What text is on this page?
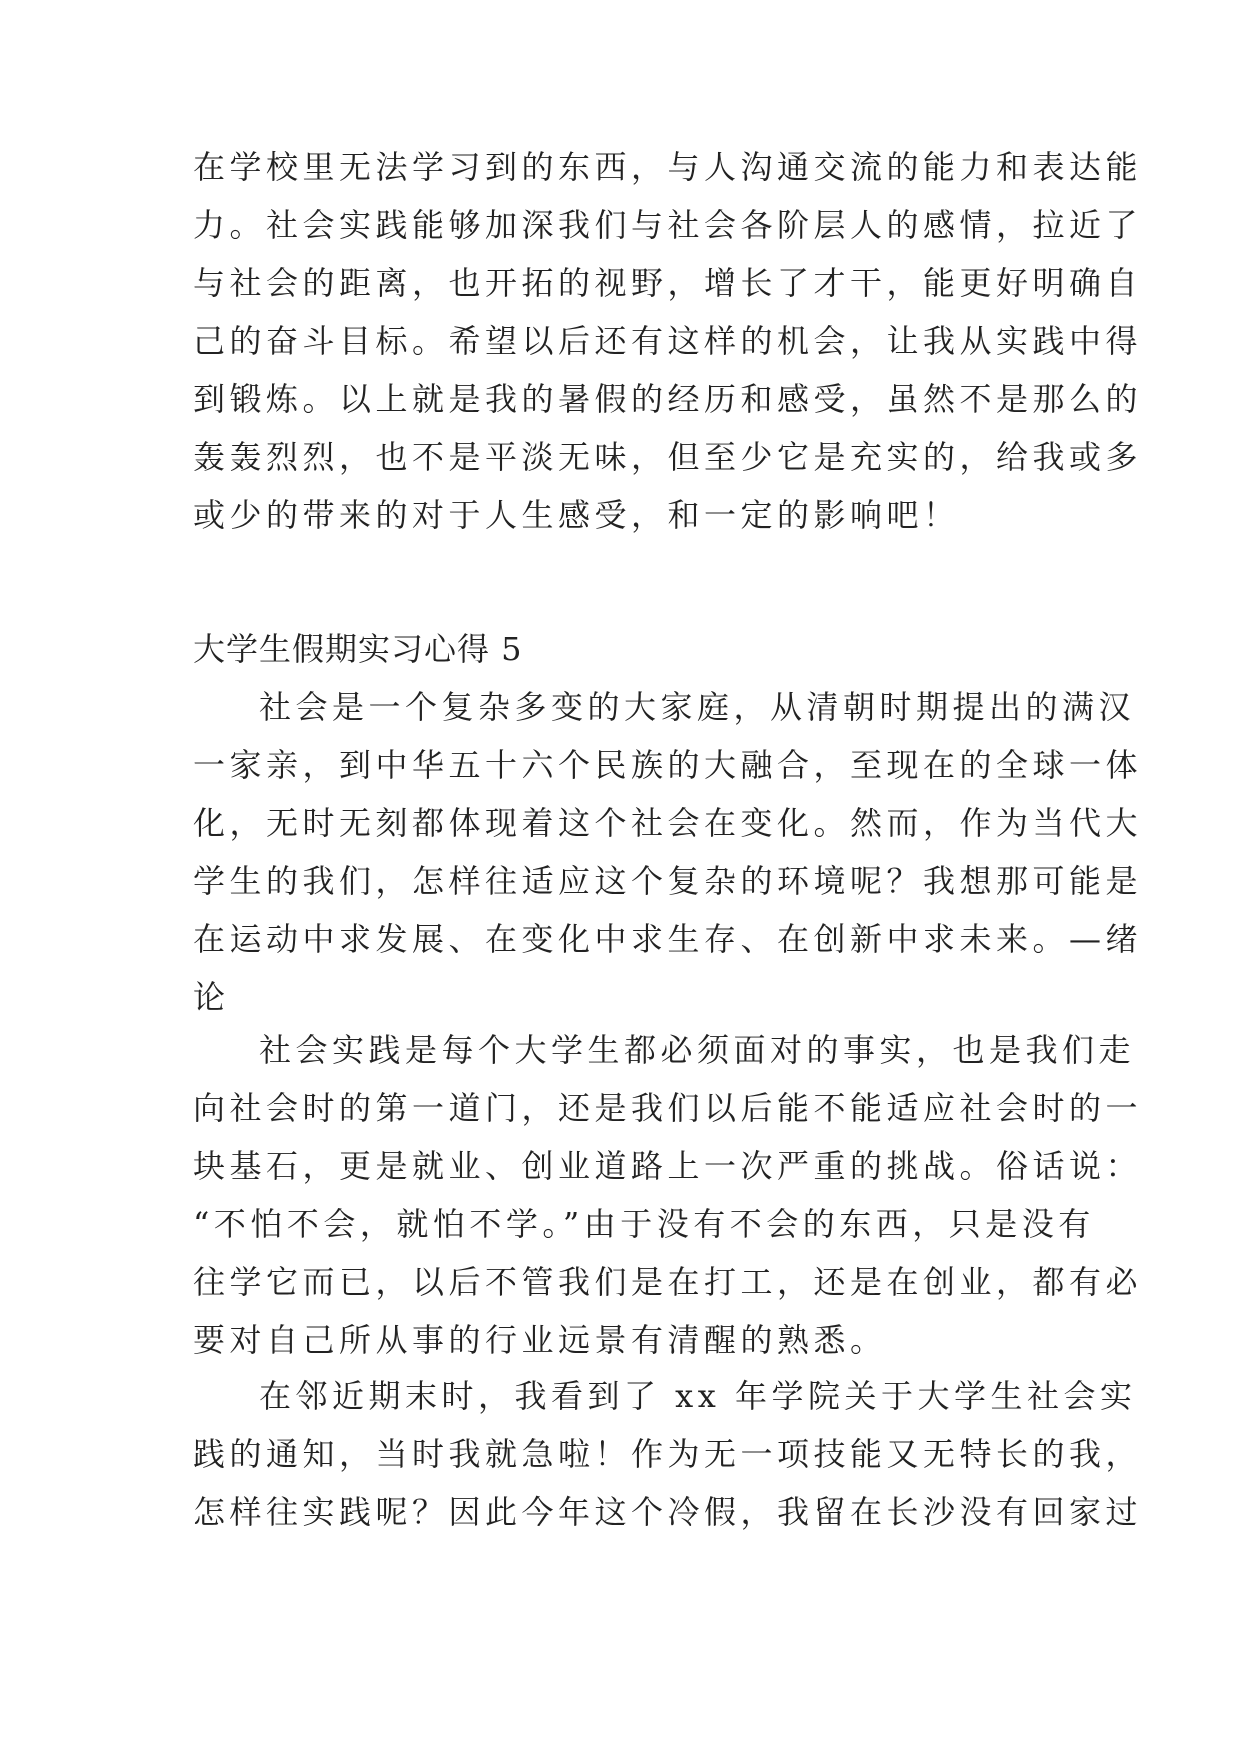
在学校里无法学习到的东西，与人沟通交流的能力和表达能
力。社会实践能够加深我们与社会各阶层人的感情，拉近了
与社会的距离，也开拓的视野，增长了才干，能更好明确自
己的奋斗目标。希望以后还有这样的机会，让我从实践中得
到锻炼。以上就是我的暑假的经历和感受，虽然不是那么的
轰轰烈烈，也不是平淡无味，但至少它是充实的，给我或多
或少的带来的对于人生感受，和一定的影响吧！
大学生假期实习心得 5
社会是一个复杂多变的大家庭，从清朝时期提出的满汉
一家亲，到中华五十六个民族的大融合，至现在的全球一体
化，无时无刻都体现着这个社会在变化。然而，作为当代大
学生的我们，怎样往适应这个复杂的环境呢？我想那可能是
在运动中求发展、在变化中求生存、在创新中求未来。—绪
论
社会实践是每个大学生都必须面对的事实，也是我们走
向社会时的第一道门，还是我们以后能不能适应社会时的一
块基石，更是就业、创业道路上一次严重的挑战。俗话说：
“不怕不会，就怕不学。”由于没有不会的东西，只是没有
往学它而已，以后不管我们是在打工，还是在创业，都有必
要对自己所从事的行业远景有清醒的熟悉。
在邻近期末时，我看到了 xx 年学院关于大学生社会实
践的通知，当时我就急啦！作为无一项技能又无特长的我，
怎样往实践呢？因此今年这个冷假，我留在长沙没有回家过
